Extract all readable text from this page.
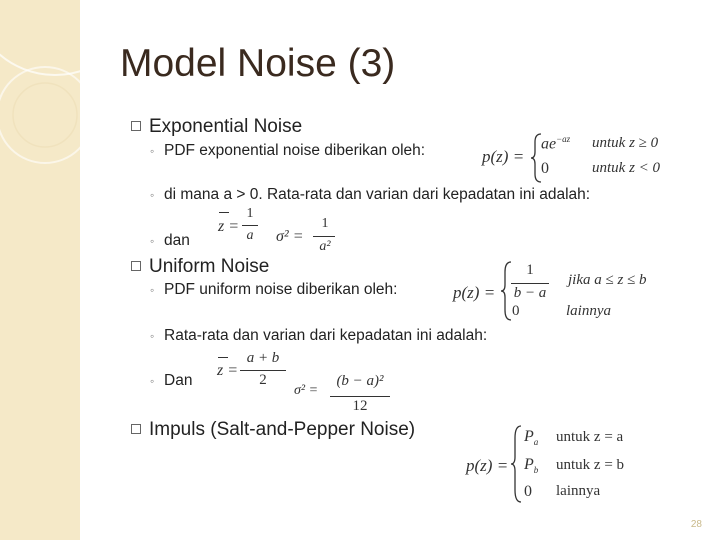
Model Noise (3)
Exponential Noise
◦ PDF exponential noise diberikan oleh:	p(z) =
$ae^{-az}$ untuk z ≥ 0
0	untuk z < 0
◦ di mana a > 0. Rata-rata dan varian dari kepadatan ini adalah:
◦ dan
z =
1
a σ² =
1
a²
Uniform Noise
◦ PDF uniform noise diberikan oleh:	p(z) =
1
b − a
jika a ≤ z ≤ b
0	lainnya
◦ Rata-rata dan varian dari kepadatan ini adalah:
◦ Dan
z =
a + b
2
σ² =
(b − a)²
12
Impuls (Salt-and-Pepper Noise)
p(z) =
$P_a$ untuk z = a
$P_b$ untuk z = b
0 lainnya
28
